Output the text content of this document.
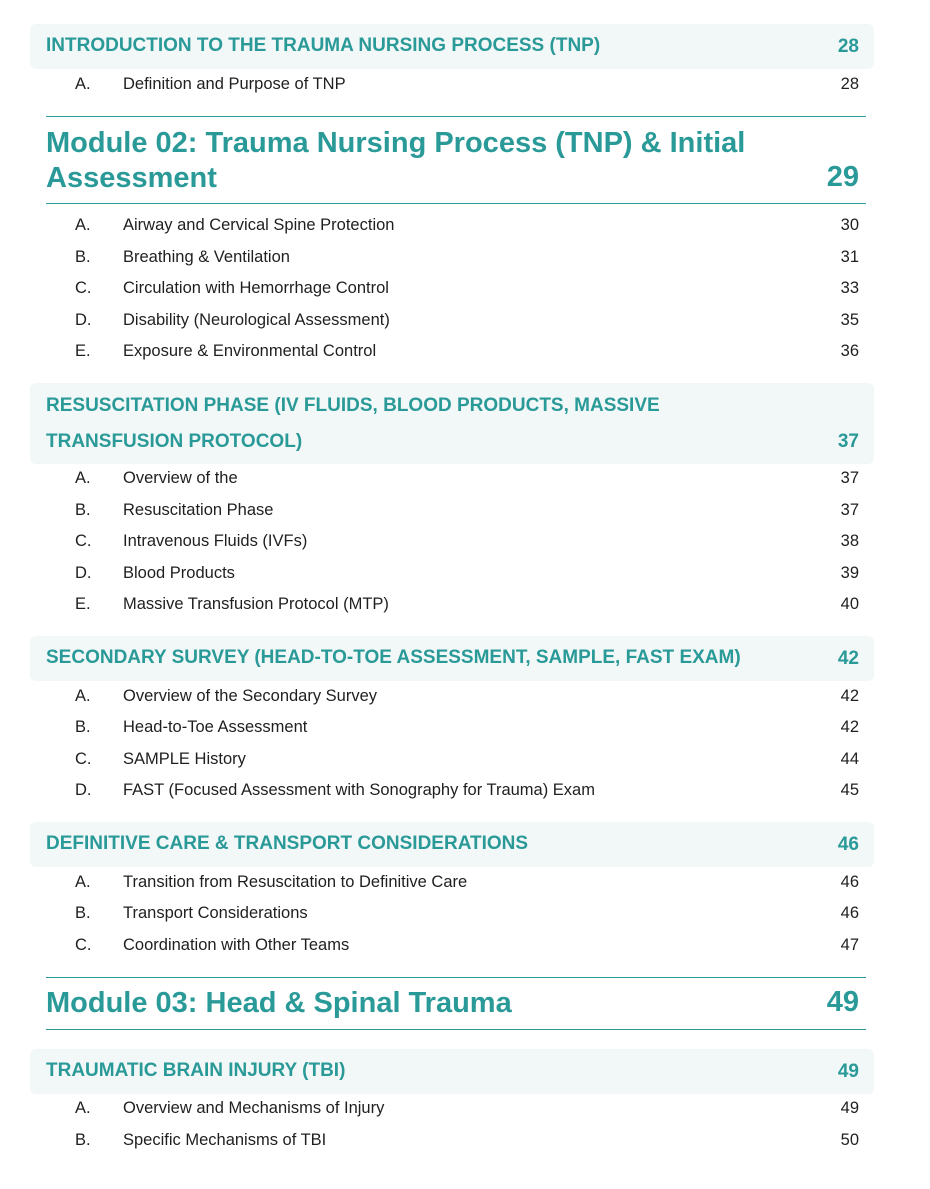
INTRODUCTION TO THE TRAUMA NURSING PROCESS (TNP)	28
A. Definition and Purpose of TNP	28
Module 02: Trauma Nursing Process (TNP) & Initial Assessment	29
A. Airway and Cervical Spine Protection	30
B. Breathing & Ventilation	31
C. Circulation with Hemorrhage Control	33
D. Disability (Neurological Assessment)	35
E. Exposure & Environmental Control	36
RESUSCITATION PHASE (IV FLUIDS, BLOOD PRODUCTS, MASSIVE TRANSFUSION PROTOCOL)	37
A. Overview of the	37
B. Resuscitation Phase	37
C. Intravenous Fluids (IVFs)	38
D. Blood Products	39
E. Massive Transfusion Protocol (MTP)	40
SECONDARY SURVEY (HEAD-TO-TOE ASSESSMENT, SAMPLE, FAST EXAM)	42
A. Overview of the Secondary Survey	42
B. Head-to-Toe Assessment	42
C. SAMPLE History	44
D. FAST (Focused Assessment with Sonography for Trauma) Exam	45
DEFINITIVE CARE & TRANSPORT CONSIDERATIONS	46
A. Transition from Resuscitation to Definitive Care	46
B. Transport Considerations	46
C. Coordination with Other Teams	47
Module 03: Head & Spinal Trauma	49
TRAUMATIC BRAIN INJURY (TBI)	49
A. Overview and Mechanisms of Injury	49
B. Specific Mechanisms of TBI	50
